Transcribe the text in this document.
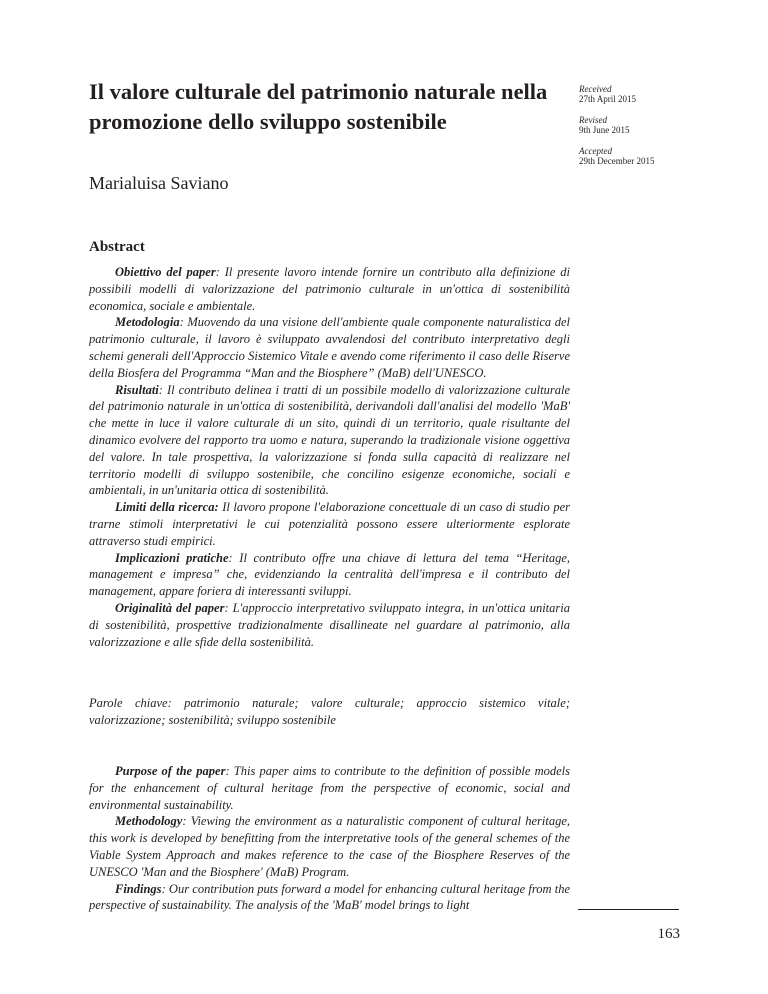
Il valore culturale del patrimonio naturale nella promozione dello sviluppo sostenibile
Received
27th April 2015
Revised
9th June 2015
Accepted
29th December 2015
Marialuisa Saviano
Abstract

Obiettivo del paper: Il presente lavoro intende fornire un contributo alla definizione di possibili modelli di valorizzazione del patrimonio culturale in un'ottica di sostenibilità economica, sociale e ambientale.

Metodologia: Muovendo da una visione dell'ambiente quale componente naturalistica del patrimonio culturale, il lavoro è sviluppato avvalendosi del contributo interpretativo degli schemi generali dell'Approccio Sistemico Vitale e avendo come riferimento il caso delle Riserve della Biosfera del Programma “Man and the Biosphere” (MaB) dell'UNESCO.

Risultati: Il contributo delinea i tratti di un possibile modello di valorizzazione culturale del patrimonio naturale in un'ottica di sostenibilità, derivandoli dall'analisi del modello 'MaB' che mette in luce il valore culturale di un sito, quindi di un territorio, quale risultante del dinamico evolvere del rapporto tra uomo e natura, superando la tradizionale visione oggettiva del valore. In tale prospettiva, la valorizzazione si fonda sulla capacità di realizzare nel territorio modelli di sviluppo sostenibile, che concilino esigenze economiche, sociali e ambientali, in un'unitaria ottica di sostenibilità.

Limiti della ricerca: Il lavoro propone l'elaborazione concettuale di un caso di studio per trarne stimoli interpretativi le cui potenzialità possono essere ulteriormente esplorate attraverso studi empirici.

Implicazioni pratiche: Il contributo offre una chiave di lettura del tema “Heritage, management e impresa” che, evidenziando la centralità dell'impresa e il contributo del management, appare foriera di interessanti sviluppi.

Originalità del paper: L'approccio interpretativo sviluppato integra, in un'ottica unitaria di sostenibilità, prospettive tradizionalmente disallineate nel guardare al patrimonio, alla valorizzazione e alle sfide della sostenibilità.

Parole chiave: patrimonio naturale; valore culturale; approccio sistemico vitale; valorizzazione; sostenibilità; sviluppo sostenibile

Purpose of the paper: This paper aims to contribute to the definition of possible models for the enhancement of cultural heritage from the perspective of economic, social and environmental sustainability.

Methodology: Viewing the environment as a naturalistic component of cultural heritage, this work is developed by benefitting from the interpretative tools of the general schemes of the Viable System Approach and makes reference to the case of the Biosphere Reserves of the UNESCO 'Man and the Biosphere' (MaB) Program.

Findings: Our contribution puts forward a model for enhancing cultural heritage from the perspective of sustainability. The analysis of the 'MaB' model brings to light

163
